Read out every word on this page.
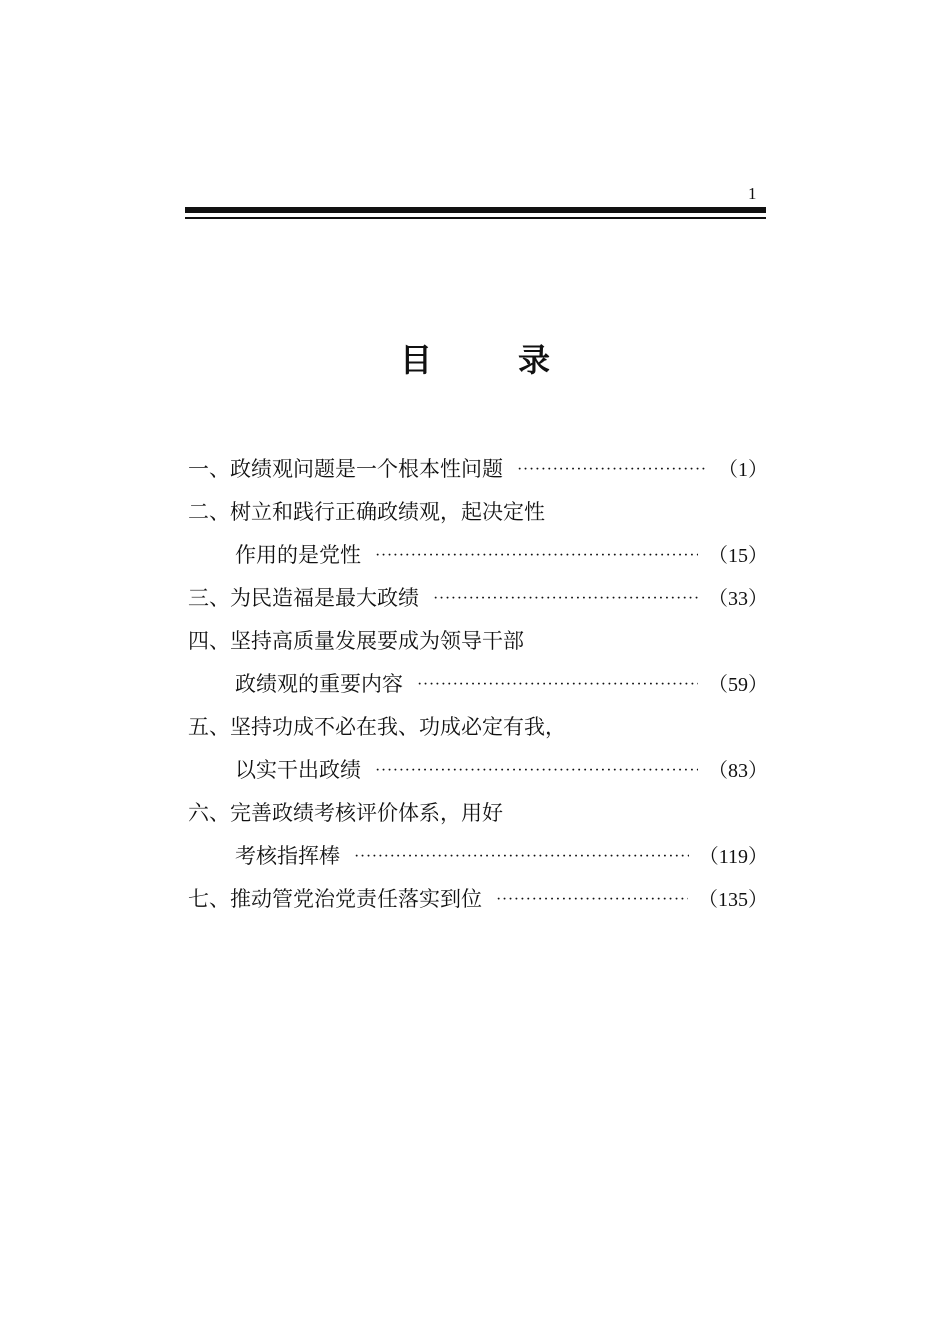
1
目	录
一、政绩观问题是一个根本性问题 ·····	（1）
二、树立和践行正确政绩观，起决定性
作用的是党性 ·····	（15）
三、为民造福是最大政绩 ·····	（33）
四、坚持高质量发展要成为领导干部
政绩观的重要内容 ·····	（59）
五、坚持功成不必在我、功成必定有我，
以实干出政绩 ·····	（83）
六、完善政绩考核评价体系，用好
考核指挥棒 ·····	（119）
七、推动管党治党责任落实到位 ·····	（135）
